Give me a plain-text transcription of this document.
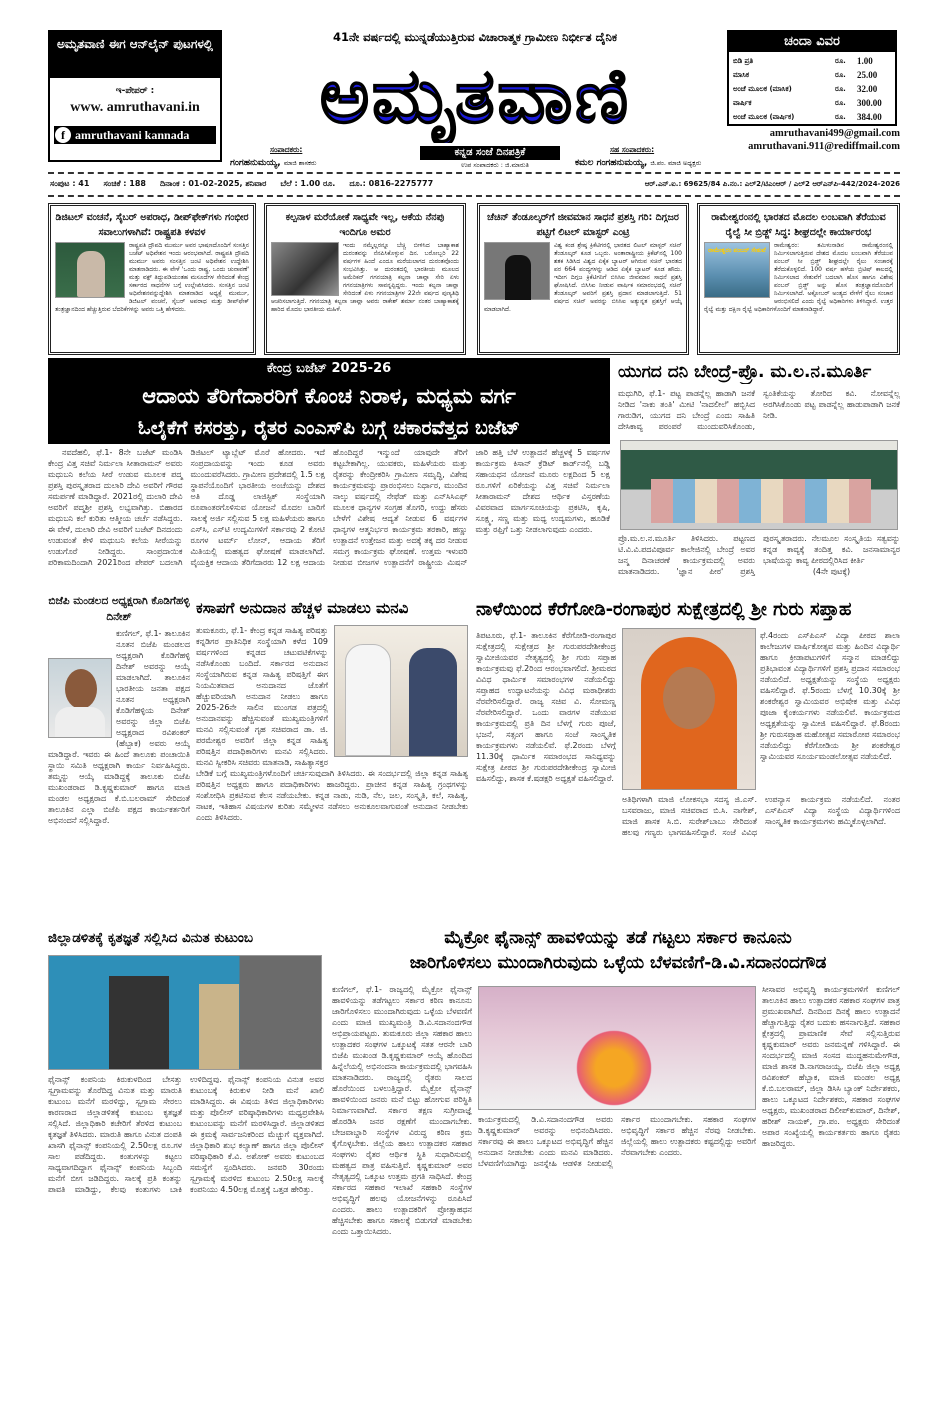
ಅಮೃತವಾಣಿ ಈಗ ಆನ್‌ಲೈನ್ ಪುಟಗಳಲ್ಲಿ
ಇ-ಪೇಪರ್ :
www. amruthavani.in
f amruthavani kannada
41ನೇ ವರ್ಷದಲ್ಲಿ ಮುನ್ನಡೆಯುತ್ತಿರುವ ವಿಚಾರಾತ್ಮಕ ಗ್ರಾಮೀಣ ನಿರ್ಭೀತ ದೈನಿಕ
ಅಮೃತವಾಣಿ
ಕನ್ನಡ ಸಂಜೆ ದಿನಪತ್ರಿಕೆ
ಉಪ ಸಂಪಾದಕರು : ಜಿ.ಮಾರುತಿ
ಸಂಪಾದಕರು:
ಗಂಗಹನುಮಯ್ಯ, ಮಾಜಿ ಶಾಸಕರು
ಸಹ ಸಂಪಾದಕರು:
ಕಮಲ ಗಂಗಹನುಮಯ್ಯ, ಜಿ.ಪಂ. ಮಾಜಿ ಅಧ್ಯಕ್ಷರು
ಚಂದಾ ವಿವರ
ಬಿಡಿ ಪ್ರತಿ	ರೂ.	1.00
ಮಾಸಿಕ	ರೂ.	25.00
ಅಂಚೆ ಮೂಲಕ (ಮಾಸಿಕ)	ರೂ.	32.00
ವಾರ್ಷಿಕ	ರೂ.	300.00
ಅಂಚೆ ಮೂಲಕ (ವಾರ್ಷಿಕ)	ರೂ.	384.00
amruthavani499@gmail.com
amruthavani.911@rediffmail.com
ಸಂಪುಟ : 41 ಸಂಚಿಕೆ : 188 ದಿನಾಂಕ : 01-02-2025, ಶನಿವಾರ ಬೆಲೆ : 1.00 ರೂ. ದೂ.: 0816-2275777	ಆರ್.ಎನ್.ಐ.: 69625/84 ಪಿ.ನಂ.: ಎಲ್2/ಟಿಎಂಆರ್ / ಎಲ್2 ಆರ್‌ಎನ್‌ಪಿ-442/2024-2026
ಡಿಜಿಟಲ್ ವಂಚನೆ, ಸೈಬರ್ ಅಪರಾಧ, ಡೀಪ್‌ಫೇಕ್‌ಗಳು ಗಂಭೀರ ಸವಾಲುಗಳಾಗಿವೆ: ರಾಷ್ಟ್ರಪತಿ ಕಳವಳ
ರಾಷ್ಟ್ರಪತಿ ದ್ರೌಪದಿ ಮುರ್ಮು ಅವರ ಭಾಷಣದೊಂದಿಗೆ ಸಂಸತ್ತಿನ ಬಜೆಟ್ ಅಧಿವೇಶನ ಇಂದು ಆರಂಭವಾಗಿದೆ. ರಾಷ್ಟ್ರಪತಿ ದ್ರೌಪದಿ ಮುರ್ಮು ಅವರು ಸಂಸತ್ತಿನ ಜಂಟಿ ಅಧಿವೇಶನ ಉದ್ದೇಶಿಸಿ ಮಾತನಾಡಿದರು. ಈ ವೇಳೆ 'ಒಂದು ರಾಷ್ಟ್ರ, ಒಂದು ಚುನಾವಣೆ' ಮತ್ತು ವಕ್ಫ್ ತಿದ್ದುಪಡಿಯಂತಹ ಮಸೂದೆಗಳ ಸೇರಿದಂತೆ ಕೇಂದ್ರ ಸರ್ಕಾರದ ಸಾಧನೆಗಳ ಬಗ್ಗೆ ಉಲ್ಲೇಖಿಸಿದರು. ಸಂಸತ್ತಿನ ಜಂಟಿ ಅಧಿವೇಶನವನ್ನುದ್ದೇಶಿಸಿ ಮಾತನಾಡಿದ ಅಧ್ಯಕ್ಷೆ ಮುರ್ಮು, ಡಿಜಿಟಲ್ ವಂಚನೆ, ಸೈಬರ್ ಅಪರಾಧ ಮತ್ತು ಡೀಪ್‌ಫೇಕ್ ತಂತ್ರಜ್ಞಾನದಿಂದ ಹೆಚ್ಚುತ್ತಿರುವ ಬೆದರಿಕೆಗಳನ್ನು ಅವರು ಒತ್ತಿ ಹೇಳಿದರು.
ಕಲ್ಪನಾಳ ಮರೆಯೋಕೆ ಸಾಧ್ಯವೇ ಇಲ್ಲ, ಆಕೆಯ ನೆನಪು ಇಂದಿಗೂ ಅಮರ
ಇಂದು ನಮ್ಮೆಲ್ಲರನ್ನೂ ಬೆಚ್ಚಿ ಬೀಳಿಸಿದ ಬಾಹ್ಯಾಕಾಶ ದುರಂತವನ್ನು ನೆನಪಿಸಿಕೊಳ್ಳುವ ದಿನ. ಬರೋಬ್ಬರಿ 22 ವರ್ಷಗಳ ಹಿಂದೆ ಎಂದೂ ಮರೆಯಲಾಗದ ದುರಂತವೊಂದು ಸಂಭವಿಸಿತ್ತು. ಆ ದುರಂತದಲ್ಲಿ ಭಾರತೀಯ ಮೂಲದ ಅಮೆರಿಕನ್ ಗಗನಯಾತ್ರಿ ಕಲ್ಪನಾ ಚಾವ್ಲಾ ಸೇರಿ ಏಳು ಗಗನಯಾತ್ರಿಗಳು ಸಾವನ್ನಪ್ಪಿದ್ದರು. ಇಂದು ಕಲ್ಪನಾ ಚಾವ್ಲಾ ಸೇರಿದಂತೆ ಏಳು ಗಗನಯಾತ್ರಿಗಳ 22ನೇ ವರ್ಷದ ಪುಣ್ಯತಿಥಿ ಆಚರಿಸಲಾಗುತ್ತಿದೆ. ಗಗನಯಾತ್ರಿ ಕಲ್ಪನಾ ಚಾವ್ಲಾ ಅವರು ರಾಕೇಶ್ ಶರ್ಮಾ ನಂತರ ಬಾಹ್ಯಾಕಾಶಕ್ಕೆ ಹಾರಿದ ಮೊದಲ ಭಾರತೀಯ ಮಹಿಳೆ.
ಚೆಚಿನ್ ತೆಂಡೂಲ್ಕರ್‌ಗೆ ಜೀವಮಾನ ಸಾಧನೆ ಪ್ರಶಸ್ತಿ ಗರಿ: ದಿಗ್ಗಜರ ಪಟ್ಟಿಗೆ ಲಿಟಲ್ ಮಾಸ್ಟರ್ ಎಂಟ್ರಿ
ವಿಶ್ವ ಕಂಡ ಶ್ರೇಷ್ಠ ಕ್ರಿಕೆಟಿಗರಲ್ಲಿ ಭಾರತದ ಲಿಟಲ್ ಮಾಸ್ಟರ್ ಸಚಿನ್ ತೆಂಡೂಲ್ಕರ್ ಕೂಡ ಒಬ್ಬರು. ಅಂತಾರಾಷ್ಟ್ರೀಯ ಕ್ರಿಕೆಟ್‌ನಲ್ಲಿ 100 ಶತಕ ಸಿಡಿಸಿದ ವಿಶ್ವದ ಏಕೈಕ ಬ್ಯಾಟರ್ ಆಗಿರುವ ಸಚಿನ್ ಭಾರತದ ಪರ 664 ಪಂದ್ಯಗಳನ್ನು ಆಡಿದ ಏಕೈಕ ಬ್ಯಾಟರ್ ಕೂಡ ಹೌದು. ಇದೀಗ ದಿಗ್ಗಜ ಕ್ರಿಕೆಟಿಗನಿಗೆ ಬಿಸಿಸಿಐ ಜೀವಮಾನ ಸಾಧನೆ ಪ್ರಶಸ್ತಿ ಘೋಷಿಸಿದೆ. ಬಿಸಿಸಿಐ ನೀಡುವ ವಾರ್ಷಿಕ ಸಮಾರಂಭದಲ್ಲಿ ಸಚಿನ್ ತೆಂಡೂಲ್ಕರ್ ಅವರಿಗೆ ಪ್ರಶಸ್ತಿ ಪ್ರದಾನ ಮಾಡಲಾಗುತ್ತಿದೆ. 51 ವರ್ಷದ ಸಚಿನ್ ಅವರನ್ನು ಬಿಸಿಸಿಐ ಅತ್ಯುನ್ನತ ಪ್ರಶಸ್ತಿಗೆ ಆಯ್ಕೆ ಮಾಡಲಾಗಿದೆ.
ರಾಮೇಶ್ವರಂನಲ್ಲಿ ಭಾರತದ ಮೊದಲ ಲಂಬವಾಗಿ ತೆರೆಯುವ ರೈಲ್ವೆ ಸೀ ಬ್ರಿಡ್ಜ್ ಸಿದ್ಧ: ಶೀಘ್ರದಲ್ಲೇ ಕಾರ್ಯಾರಂಭ
ರಾಮೇಶ್ವರಂ ಪಂಬನ್ ಸೇತುವೆ
ರಾಮೇಶ್ವರಂ: ತಮಿಳುನಾಡಿನ ರಾಮೇಶ್ವರಂನಲ್ಲಿ ನಿರ್ಮಿಸಲಾಗುತ್ತಿರುವ ದೇಶದ ಮೊದಲ ಲಂಬವಾಗಿ ತೆರೆಯುವ ಪಂಬನ್ ಸೀ ಬ್ರಿಡ್ಜ್ ಶೀಘ್ರದಲ್ಲೇ ರೈಲು ಸಂಚಾರಕ್ಕೆ ತೆರೆದುಕೊಳ್ಳಲಿದೆ. 100 ವರ್ಷ ಹಳೆಯ ಬ್ರಿಟಿಷ್ ಕಾಲದಲ್ಲಿ ನಿರ್ಮಿಸಲಾದ ಸೇತುವೆಗೆ ಬದಲಾಗಿ ಹೊಸ ಹಾಗೂ ವಿಶೇಷ ಪಂಬನ್ ಬ್ರಿಡ್ಜ್ ಅನ್ನು ಹೊಸ ತಂತ್ರಜ್ಞಾನದೊಂದಿಗೆ ನಿರ್ಮಿಸಲಾಗಿದೆ. ಅಕ್ಟೋಬರ್ ಅಂತ್ಯದ ವೇಳೆಗೆ ರೈಲು ಸಂಚಾರ ಆರಂಭಿಸಲಿದೆ ಎಂದು ರೈಲ್ವೆ ಅಧಿಕಾರಿಗಳು ತಿಳಿಸಿದ್ದಾರೆ. ಉತ್ತರ ರೈಲ್ವೆ ಮತ್ತು ದಕ್ಷಿಣ ರೈಲ್ವೆ ಅಧಿಕಾರಿಗಳೊಂದಿಗೆ ಮಾತನಾಡಿದ್ದಾರೆ.
ಕೇಂದ್ರ ಬಜೆಟ್ 2025-26
ಆದಾಯ ತೆರಿಗೆದಾರರಿಗೆ ಕೊಂಚ ನಿರಾಳ, ಮಧ್ಯಮ ವರ್ಗ
ಓಲೈಕೆಗೆ ಕಸರತ್ತು, ರೈತರ ಎಂಎಸ್‌ಪಿ ಬಗ್ಗೆ ಚಕಾರವೆತ್ತದ ಬಜೆಟ್
ನವದೆಹಲಿ, ಫೆ.1- 8ನೇ ಬಜೆಟ್ ಮಂಡಿಸಿ ಕೇಂದ್ರ ವಿತ್ತ ಸಚಿವೆ ನಿರ್ಮಲಾ ಸೀತಾರಾಮನ್ ಅವರು ಮಧುಬನಿ ಕಲೆಯ ಸೀರೆ ಉಡುವ ಮೂಲಕ ಪದ್ಮ ಪ್ರಶಸ್ತಿ ಪುರಸ್ಕೃತರಾದ ದುಲಾರಿ ದೇವಿ ಅವರಿಗೆ ಗೌರವ ಸಮರ್ಪಣೆ ಮಾಡಿದ್ದಾರೆ. 2021ರಲ್ಲಿ ದುಲಾರಿ ದೇವಿ ಅವರಿಗೆ ಪದ್ಮಶ್ರೀ ಪ್ರಶಸ್ತಿ ಲಭ್ಯವಾಗಿತ್ತು. ಬಿಹಾರದ ಮಧುಬನಿ ಕಲೆ ಕುರಿತು ಆತ್ಮೀಯ ಚರ್ಚೆ ನಡೆಸಿದ್ದರು. ಈ ವೇಳೆ, ದುಲಾರಿ ದೇವಿ ಅವರಿಗೆ ಬಜೆಟ್ ದಿನದಂದು ಉಡುವಂತೆ ಕೇಳಿ ಮಧುಬನಿ ಕಲೆಯ ಸೀರೆಯನ್ನು ಉಡುಗೊರೆ ನೀಡಿದ್ದರು. ಸಾಂಪ್ರದಾಯಿಕ ಪರಿಕಾಮದಿಂದಾಗಿ 2021ರಿಂದ ಪೇಪರ್ ಬದಲಾಗಿ ಡಿಜಿಟಲ್ ಟ್ಯಾಬ್ಲೆಟ್ ಮೊರೆ ಹೋದರು. ಇದೆ ಸಂಪ್ರದಾಯವನ್ನು ಇಂದು ಕೂಡ ಅವರು ಮುಂದುವರೆಸಿದರು. ಗ್ರಾಮೀಣ ಪ್ರದೇಶದಲ್ಲಿ 1.5 ಲಕ್ಷ ಸ್ಥಾಪನೆಯೊಂದಿಗೆ ಭಾರತೀಯ ಅಂಚೆಯನ್ನು ದೇಶದ ಅತಿ ದೊಡ್ಡ ಲಾಜಿಸ್ಟಿಕ್ ಸಂಸ್ಥೆಯಾಗಿ ರೂಪಾಂತರಗೊಳಿಸುವ ಯೋಜನೆ ಮೊದಲ ಬಾರಿಗೆ ಸಾಲಕ್ಕೆ ಅರ್ಜಿ ಸಲ್ಲಿಸುವ 5 ಲಕ್ಷ ಮಹಿಳೆಯರು ಹಾಗೂ ಎಸ್‌ಸಿ, ಎಸ್‌ಟಿ ಉದ್ಯಮಿಗಳಿಗೆ ಸರ್ಕಾರವು 2 ಕೋಟಿ ರೂಗಳ ಟರ್ಮ್ ಲೋನ್, ಆದಾಯ ತೆರಿಗೆ ಮಿತಿಯಲ್ಲಿ ಮಹತ್ವದ ಘೋಷಣೆ ಮಾಡಲಾಗಿದೆ. ವೈಯಕ್ತಿಕ ಆದಾಯ ತೆರಿಗೆದಾರರು 12 ಲಕ್ಷ ಆದಾಯ ಹೊಂದಿದ್ದರೆ ಇನ್ಮುಂದೆ ಯಾವುದೇ ತೆರಿಗೆ ಕಟ್ಟಬೇಕಾಗಿಲ್ಲ. ಯುವಕರು, ಮಹಿಳೆಯರು ಮತ್ತು ರೈತರನ್ನು ಕೇಂದ್ರೀಕರಿಸಿ ಗ್ರಾಮೀಣ ಸಮೃದ್ಧಿ, ವಿಶೇಷ ಕಾರ್ಯಕ್ರಮವನ್ನು ಪ್ರಾರಂಭಿಸಲು ನಿರ್ಧಾರ, ಮುಂದಿನ ನಾಲ್ಕು ವರ್ಷದಲ್ಲಿ ನೇಫೆಡ್ ಮತ್ತು ಎನ್‌ಸಿಸಿಎಫ್ ಮೂಲಕ ಧಾನ್ಯಗಳ ಸಂಗ್ರಹ ತೊಗರಿ, ಉದ್ದು ಹೆಸರು ಬೇಳೆಗೆ ವಿಶೇಷ ಆದ್ಯತೆ ನೀಡುವ 6 ವರ್ಷಗಳ ಧಾನ್ಯಗಳ ಆತ್ಮನಿರ್ಭರ ಕಾರ್ಯಕ್ರಮ ತರಕಾರಿ, ಹಣ್ಣು ಉತ್ಪಾದನೆ ಉತ್ತೇಜನ ಮತ್ತು ಅದಕ್ಕೆ ತಕ್ಕ ದರ ನೀಡುವ ಸಮಗ್ರ ಕಾರ್ಯಕ್ರಮ ಘೋಷಣೆ. ಉತ್ತಮ ಇಳುವರಿ ನೀಡುವ ಬೀಜಗಳ ಉತ್ಪಾದನೆಗೆ ರಾಷ್ಟ್ರೀಯ ಮಿಷನ್ ಜಾರಿ ಹತ್ತಿ ಬೆಳೆ ಉತ್ಪಾದನೆ ಹೆಚ್ಚಳಕ್ಕೆ 5 ವರ್ಷಗಳ ಕಾರ್ಯಕ್ರಮ ಕಿಸಾನ್ ಕ್ರೆಡಿಟ್ ಕಾರ್ಡ್‌ನಲ್ಲಿ ಬಡ್ಡಿ ಸಹಾಯಧನ ಯೋಜನೆ ಮೂರು ಲಕ್ಷದಿಂದ 5 ಲಕ್ಷ ರೂ.ಗಳಿಗೆ ಏರಿಕೆಯನ್ನು ವಿತ್ತ ಸಚಿವೆ ನಿರ್ಮಲಾ ಸೀತಾರಾಮನ್ ದೇಶದ ಆರ್ಥಿಕ ವಿಸ್ತರಣೆಯ ವಿವರವಾದ ಮಾರ್ಗಸೂಚಿಯನ್ನು ಪ್ರಕಟಿಸಿ, ಕೃಷಿ, ಸೂಕ್ಷ್ಮ, ಸಣ್ಣ ಮತ್ತು ಮಧ್ಯ ಉದ್ಯಮಗಳು, ಹೂಡಿಕೆ ಮತ್ತು ರಫ್ತಿಗೆ ಒತ್ತು ನೀಡಲಾಗುವುದು ಎಂದರು.
ಯುಗದ ದನಿ ಬೇಂದ್ರೆ-ಪ್ರೊ. ಮ.ಲ.ನ.ಮೂರ್ತಿ
ಮಧುಗಿರಿ, ಫೆ.1- ಪಟ್ಟ ಪಾಡನ್ನೆಲ್ಲ ಹಾಡಾಗಿ ಜನಕೆ ನೀಡಿದ 'ನಾಕು ತಂತಿ' ಮೀಟಿ 'ನಾದಲೀಲೆ' ಹಬ್ಬಿಸಿದ ಗಾರುಡಿಗ, ಯುಗದ ದನಿ ಬೇಂದ್ರೆ ಎಂದು ಸಾಹಿತಿ ದೇಸಿಕಾವ್ಯ ಪರಂಪರೆ ಮುಂದುವರಿಸಿಕೊಂಡು, ಸ್ವಂತಿಕೆಯನ್ನು ತೋರಿದ ಕವಿ. ನೋವನ್ನೆಲ್ಲ ಅರಗಿಸಿಕೊಂಡು ಪಟ್ಟ ಪಾಡನ್ನೆಲ್ಲ ಹಾಡುಪಾಡಾಗಿ ಜನಕೆ ನೀಡಿ.
ಪ್ರೊ.ಮ.ಲ.ನ.ಮೂರ್ತಿ ತಿಳಿಸಿದರು. ಪಟ್ಟಣದ ಟಿ.ವಿ.ವಿ.ಪದವಿಪೂರ್ವ ಕಾಲೇಜಿನಲ್ಲಿ ಬೇಂದ್ರೆ ಅವರ ಜನ್ಮ ದಿನಾಚರಣೆ ಕಾರ್ಯಕ್ರಮದಲ್ಲಿ ಅವರು ಮಾತನಾಡಿದರು. 'ಜ್ಞಾನ ಪೀಠ' ಪ್ರಶಸ್ತಿ ಪುರಸ್ಕೃತರಾದರು. ನೆಲಮೂಲ ಸಂಸ್ಕೃತಿಯ ಸತ್ವವನ್ನು ಕನ್ನಡ ಕಾವ್ಯಕ್ಕೆ ತಂದಿತ್ತ ಕವಿ. ಜನಸಾಮಾನ್ಯರ ಭಾಷೆಯನ್ನು ಕಾವ್ಯ ಪೀಠದಲ್ಲಿರಿಸಿದ ಕೀರ್ತಿ
(4ನೇ ಪುಟಕ್ಕೆ)
ಬಿಜೆಪಿ ಮಂಡಲದ ಅಧ್ಯಕ್ಷರಾಗಿ ಕೊಡಿಗೆಹಳ್ಳಿ ದಿನೇಶ್
ಕುಣಿಗಲ್, ಫೆ.1- ತಾಲೂಕಿನ ನೂತನ ಬಿಜೆಪಿ ಮಂಡಲದ ಅಧ್ಯಕ್ಷರಾಗಿ ಕೊಡಿಗೆಹಳ್ಳಿ ದಿನೇಶ್ ಅವರನ್ನು ಆಯ್ಕೆ ಮಾಡಲಾಗಿದೆ. ತಾಲೂಕಿನ ಭಾರತೀಯ ಜನತಾ ಪಕ್ಷದ ನೂತನ ಅಧ್ಯಕ್ಷರಾಗಿ ಕೊಡಿಗೆಹಳ್ಳಿಯ ದಿನೇಶ್ ಅವರನ್ನು ಜಿಲ್ಲಾ ಬಿಜೆಪಿ ಅಧ್ಯಕ್ಷರಾದ ರವಿಶಂಕರ್ (ಹೆಬ್ಬಾಕ) ಅವರು ಆಯ್ಕೆ ಮಾಡಿದ್ದಾರೆ. ಇವರು ಈ ಹಿಂದೆ ತಾಲೂಕು ಪಂಚಾಯಿತಿ ಸ್ಥಾಯಿ ಸಮಿತಿ ಅಧ್ಯಕ್ಷರಾಗಿ ಕಾರ್ಯ ನಿರ್ವಹಿಸಿದ್ದರು. ತಮ್ಮನ್ನು ಆಯ್ಕೆ ಮಾಡಿದ್ದಕ್ಕೆ ತಾಲೂಕು ಬಿಜೆಪಿ ಮುಖಂಡರಾದ ಡಿ.ಕೃಷ್ಣಕುಮಾರ್ ಹಾಗೂ ಮಾಜಿ ಮಂಡಲ ಅಧ್ಯಕ್ಷರಾದ ಕೆ.ಬಿ.ಬಲರಾಮ್ ಸೇರಿದಂತೆ ತಾಲೂಕಿನ ಎಲ್ಲಾ ಬಿಜೆಪಿ ಪಕ್ಷದ ಕಾರ್ಯಕರ್ತರಿಗೆ ಅಭಿನಂದನೆ ಸಲ್ಲಿಸಿದ್ದಾರೆ.
ಕಸಾಪಗೆ ಅನುದಾನ ಹೆಚ್ಚಳ ಮಾಡಲು ಮನವಿ
ತುಮಕೂರು, ಫೆ.1- ಕೇಂದ್ರ ಕನ್ನಡ ಸಾಹಿತ್ಯ ಪರಿಷತ್ತು ಕನ್ನಡಿಗರ ಪ್ರಾತಿನಿಧಿಕ ಸಂಸ್ಥೆಯಾಗಿ ಕಳೆದ 109 ವರ್ಷಗಳಿಂದ ಕನ್ನಡದ ಚಟುವಟಿಕೆಗಳನ್ನು ನಡೆಸಿಕೊಂಡು ಬಂದಿದೆ. ಸರ್ಕಾರದ ಅನುದಾನ ಸಂಸ್ಥೆಯಾಗಿರುವ ಕನ್ನಡ ಸಾಹಿತ್ಯ ಪರಿಷತ್ತಿಗೆ ಈಗ ನಿಯಮಿತವಾದ ಅನುದಾನದ ಜೊತೆಗೆ ಹೆಚ್ಚುವರಿಯಾಗಿ ಅನುದಾನ ನೀಡಲು ಹಾಗೂ 2025-26ನೇ ಸಾಲಿನ ಮುಂಗಡ ಪತ್ರದಲ್ಲಿ ಅನುದಾನವನ್ನು ಹೆಚ್ಚಿಸುವಂತೆ ಮುಖ್ಯಮಂತ್ರಿಗಳಿಗೆ ಮನವಿ ಸಲ್ಲಿಸುವಂತೆ ಗೃಹ ಸಚಿವರಾದ ಡಾ. ಜಿ. ಪರಮೇಶ್ವರ ಅವರಿಗೆ ಜಿಲ್ಲಾ ಕನ್ನಡ ಸಾಹಿತ್ಯ ಪರಿಷತ್ತಿನ ಪದಾಧಿಕಾರಿಗಳು ಮನವಿ ಸಲ್ಲಿಸಿದರು. ಮನವಿ ಸ್ವೀಕರಿಸಿ ಸಚಿವರು ಮಾತನಾಡಿ, ಸಾಹಿತ್ಯಾಸಕ್ತರ ಬೇಡಿಕೆ ಬಗ್ಗೆ ಮುಖ್ಯಮಂತ್ರಿಗಳೊಂದಿಗೆ ಚರ್ಚಿಸುವುದಾಗಿ ತಿಳಿಸಿದರು. ಈ ಸಂದರ್ಭದಲ್ಲಿ ಜಿಲ್ಲಾ ಕನ್ನಡ ಸಾಹಿತ್ಯ ಪರಿಷತ್ತಿನ ಅಧ್ಯಕ್ಷರು ಹಾಗೂ ಪದಾಧಿಕಾರಿಗಳು ಹಾಜರಿದ್ದರು. ಪ್ರಾಚೀನ ಕನ್ನಡ ಸಾಹಿತ್ಯ ಗ್ರಂಥಗಳನ್ನು ಸಂಶೋಧಿಸಿ ಪ್ರಕಟಿಸುವ ಕೆಲಸ ನಡೆಯಬೇಕು. ಕನ್ನಡ ನಾಡು, ನುಡಿ, ನೆಲ, ಜಲ, ಸಂಸ್ಕೃತಿ, ಕಲೆ, ಸಾಹಿತ್ಯ, ನಾಟಕ, ಇತಿಹಾಸ ವಿಷಯಗಳ ಕುರಿತು ಸಮ್ಮೇಳನ ನಡೆಸಲು ಅನುಕೂಲವಾಗುವಂತೆ ಅನುದಾನ ನೀಡಬೇಕು ಎಂದು ತಿಳಿಸಿದರು.
ನಾಳೆಯಿಂದ ಕೆರೆಗೋಡಿ-ರಂಗಾಪುರ ಸುಕ್ಷೇತ್ರದಲ್ಲಿ ಶ್ರೀ ಗುರು ಸಪ್ತಾಹ
ತಿಪಟೂರು, ಫೆ.1- ತಾಲೂಕಿನ ಕೆರೆಗೋಡಿ-ರಂಗಾಪುರ ಸುಕ್ಷೇತ್ರದಲ್ಲಿ ಸುಕ್ಷೇತ್ರದ ಶ್ರೀ ಗುರುಪರದೇಶೀಕೇಂದ್ರ ಸ್ವಾಮೀಜಿಯವರ ನೇತೃತ್ವದಲ್ಲಿ ಶ್ರೀ ಗುರು ಸಪ್ತಾಹ ಕಾರ್ಯಕ್ರಮವು ಫೆ.2ರಿಂದ ಆರಂಭವಾಗಲಿದೆ. ಶ್ರೀಮಠದ ವಿವಿಧ ಧಾರ್ಮಿಕ ಸಮಾರಂಭಗಳ ನಡೆಯಲಿದ್ದು ಸಪ್ತಾಹದ ಉದ್ಘಾಟನೆಯನ್ನು ವಿವಿಧ ಮಠಾಧೀಶರು ನೆರವೇರಿಸಲಿದ್ದಾರೆ. ರಾಜ್ಯ ಸಚಿವ ವಿ. ಸೋಮಣ್ಣ ನೆರವೇರಿಸಲಿದ್ದಾರೆ. ಒಂದು ವಾರಗಳ ನಡೆಯುವ ಕಾರ್ಯಕ್ರಮದಲ್ಲಿ ಪ್ರತಿ ದಿನ ಬೆಳಗ್ಗೆ ಗುರು ಪೂಜೆ, ಭಜನೆ, ಸತ್ಸಂಗ ಹಾಗೂ ಸಂಜೆ ಸಾಂಸ್ಕೃತಿಕ ಕಾರ್ಯಕ್ರಮಗಳು ನಡೆಯಲಿವೆ. ಫೆ.2ರಂದು ಬೆಳಗ್ಗೆ 11.30ಕ್ಕೆ ಧಾರ್ಮಿಕ ಸಮಾರಂಭದ ಸಾನಿಧ್ಯವನ್ನು ಸುಕ್ಷೇತ್ರ ಪೀಠದ ಶ್ರೀ ಗುರುಪರದೇಶೀಕೇಂದ್ರ ಸ್ವಾಮೀಜಿ ವಹಿಸಲಿದ್ದು, ಶಾಸಕ ಕೆ.ಷಡಕ್ಷರಿ ಅಧ್ಯಕ್ಷತೆ ವಹಿಸಲಿದ್ದಾರೆ.
ಅತಿಥಿಗಳಾಗಿ ಮಾಜಿ ಲೋಕಸಭಾ ಸದಸ್ಯ ಜಿ.ಎಸ್. ಬಸವರಾಜು, ಮಾಜಿ ಸಚಿವರಾದ ಬಿ.ಸಿ. ನಾಗೇಶ್, ಮಾಜಿ ಶಾಸಕ ಸಿ.ಬಿ. ಸುರೇಶ್‌ಬಾಬು ಸೇರಿದಂತೆ ಹಲವು ಗಣ್ಯರು ಭಾಗವಹಿಸಲಿದ್ದಾರೆ. ಸಂಜೆ ವಿವಿಧ ಉಪನ್ಯಾಸ ಕಾರ್ಯಕ್ರಮ ನಡೆಯಲಿದೆ. ನಂತರ ಎಸ್‌ಪಿಎಸ್ ವಿದ್ಯಾ ಸಂಸ್ಥೆಯ ವಿದ್ಯಾರ್ಥಿಗಳಿಂದ ಸಾಂಸ್ಕೃತಿಕ ಕಾರ್ಯಕ್ರಮಗಳು ಹಮ್ಮಿಕೊಳ್ಳಲಾಗಿದೆ.
ಫೆ.4ರಂದು ಎಸ್‌ಪಿಎಸ್ ವಿದ್ಯಾ ಪೀಠದ ಶಾಲಾ ಕಾಲೇಜುಗಳ ವಾರ್ಷಿಕೋತ್ಸವ ಮತ್ತು ಹಿಂದಿನ ವಿದ್ಯಾರ್ಥಿ ಹಾಗೂ ಕ್ರೀಡಾಪಟುಗಳಿಗೆ ಸನ್ಮಾನ ಮಾಡಲಿದ್ದು ಪ್ರತಿಭಾವಂತ ವಿದ್ಯಾರ್ಥಿಗಳಿಗೆ ಪ್ರಶಸ್ತಿ ಪ್ರದಾನ ಸಮಾರಂಭ ನಡೆಯಲಿದೆ. ಅಧ್ಯಕ್ಷತೆಯನ್ನು ಸಂಸ್ಥೆಯ ಅಧ್ಯಕ್ಷರು ವಹಿಸಲಿದ್ದಾರೆ. ಫೆ.5ರಂದು ಬೆಳಗ್ಗೆ 10.30ಕ್ಕೆ ಶ್ರೀ ಶಂಕರೇಶ್ವರ ಸ್ವಾಮಿಯವರ ಅಭಿಷೇಕ ಮತ್ತು ವಿವಿಧ ಪೂಜಾ ಕೈಂಕರ್ಯಗಳು ನಡೆಯಲಿವೆ. ಕಾರ್ಯಕ್ರಮದ ಅಧ್ಯಕ್ಷತೆಯನ್ನು ಸ್ವಾಮೀಜಿ ವಹಿಸಲಿದ್ದಾರೆ. ಫೆ.8ರಂದು ಶ್ರೀ ಗುರುಸಪ್ತಾಹ ಮಹೋತ್ಸವ ಸಮಾರೋಪ ಸಮಾರಂಭ ನಡೆಯಲಿದ್ದು ಕೆರೆಗೋಡಿಯ ಶ್ರೀ ಶಂಕರೇಶ್ವರ ಸ್ವಾಮಿಯವರ ಸೂರ್ಯಮಂಡಲೋತ್ಸವ ನಡೆಯಲಿದೆ.
ಜಿಲ್ಲಾಡಳಿತಕ್ಕೆ ಕೃತಜ್ಞತೆ ಸಲ್ಲಿಸಿದ ವಿನುತ ಕುಟುಂಬ
ಫೈನಾನ್ಸ್ ಕಂಪನಿಯ ಕಿರುಕುಳದಿಂದ ಬೇಸತ್ತು ಸ್ವಗ್ರಾಮವನ್ನು ತೊರೆದಿದ್ದ ವಿನುತ ಮತ್ತು ಮಾರುತಿ ಕುಟುಂಬ ಮನೆಗೆ ಮರಳಿದ್ದು, ಸ್ವಗ್ರಾಮ ಸೇರಲು ಕಾರಣರಾದ ಜಿಲ್ಲಾಡಳಿತಕ್ಕೆ ಕುಟುಂಬ ಕೃತಜ್ಞತೆ ಸಲ್ಲಿಸಿದೆ. ಜಿಲ್ಲಾಧಿಕಾರಿ ಕಚೇರಿಗೆ ತೆರಳಿದ ಕುಟುಂಬ ಕೃತಜ್ಞತೆ ತಿಳಿಸಿದರು. ಮಾರುತಿ ಹಾಗೂ ವಿನುತ ದಂಪತಿ ಖಾಸಗಿ ಫೈನಾನ್ಸ್ ಕಂಪನಿಯಲ್ಲಿ 2.50ಲಕ್ಷ ರೂ.ಗಳ ಸಾಲ ಪಡೆದಿದ್ದರು. ಕಂತುಗಳನ್ನು ಕಟ್ಟಲು ಸಾಧ್ಯವಾಗದಿದ್ದಾಗ ಫೈನಾನ್ಸ್ ಕಂಪನಿಯ ಸಿಬ್ಬಂದಿ ಮನೆಗೆ ಬೀಗ ಜಡಿದಿದ್ದರು. ಸಾಲಕ್ಕೆ ಪ್ರತಿ ಕಂತನ್ನು ಪಾವತಿ ಮಾಡಿದ್ದು, ಕೆಲವು ಕಂತುಗಳು ಬಾಕಿ ಉಳಿದಿದ್ದವು. ಫೈನಾನ್ಸ್ ಕಂಪನಿಯ ವಿನುತ ಅವರ ಕುಟುಂಬಕ್ಕೆ ಕಿರುಕುಳ ನೀಡಿ ಮನೆ ಖಾಲಿ ಮಾಡಿಸಿದ್ದರು. ಈ ವಿಷಯ ತಿಳಿದ ಜಿಲ್ಲಾಧಿಕಾರಿಗಳು ಮತ್ತು ಪೊಲೀಸ್ ವರಿಷ್ಠಾಧಿಕಾರಿಗಳು ಮಧ್ಯಪ್ರವೇಶಿಸಿ ಕುಟುಂಬವನ್ನು ಮನೆಗೆ ಮರಳಿಸಿದ್ದಾರೆ. ಜಿಲ್ಲಾಡಳಿತದ ಈ ಕ್ರಮಕ್ಕೆ ಸಾರ್ವಜನಿಕರಿಂದ ಮೆಚ್ಚುಗೆ ವ್ಯಕ್ತವಾಗಿದೆ. ಜಿಲ್ಲಾಧಿಕಾರಿ ಶುಭ ಕಲ್ಯಾಣ್ ಹಾಗೂ ಜಿಲ್ಲಾ ಪೊಲೀಸ್ ವರಿಷ್ಠಾಧಿಕಾರಿ ಕೆ.ವಿ. ಅಶೋಕ್ ಅವರು ಕುಟುಂಬದ ಸಮಸ್ಯೆಗೆ ಸ್ಪಂದಿಸಿದರು. ಜನವರಿ 30ರಂದು ಸ್ವಗ್ರಾಮಕ್ಕೆ ಮರಳಿದ ಕುಟುಂಬ 2.50ಲಕ್ಷ ಸಾಲಕ್ಕೆ ಕಂಪನಿಯು 4.50ಲಕ್ಷ ಮೊತ್ತಕ್ಕೆ ಒತ್ತಡ ಹೇರಿತ್ತು.
ಮೈಕ್ರೋ ಫೈನಾನ್ಸ್ ಹಾವಳಿಯನ್ನು ತಡೆ ಗಟ್ಟಲು ಸರ್ಕಾರ ಕಾನೂನು
ಜಾರಿಗೊಳಿಸಲು ಮುಂದಾಗಿರುವುದು ಒಳ್ಳೆಯ ಬೆಳವಣಿಗೆ-ಡಿ.ವಿ.ಸದಾನಂದಗೌಡ
ಕುಣಿಗಲ್, ಫೆ.1- ರಾಜ್ಯದಲ್ಲಿ ಮೈಕ್ರೋ ಫೈನಾನ್ಸ್ ಹಾವಳಿಯನ್ನು ತಡೆಗಟ್ಟಲು ಸರ್ಕಾರ ಕಠಿಣ ಕಾನೂನು ಜಾರಿಗೊಳಿಸಲು ಮುಂದಾಗಿರುವುದು ಒಳ್ಳೆಯ ಬೆಳವಣಿಗೆ ಎಂದು ಮಾಜಿ ಮುಖ್ಯಮಂತ್ರಿ ಡಿ.ವಿ.ಸದಾನಂದಗೌಡ ಅಭಿಪ್ರಾಯಪಟ್ಟರು. ತುಮಕೂರು ಜಿಲ್ಲಾ ಸಹಕಾರ ಹಾಲು ಉತ್ಪಾದಕರ ಸಂಘಗಳ ಒಕ್ಕೂಟಕ್ಕೆ ಸತತ ಆರನೇ ಬಾರಿ ಬಿಜೆಪಿ ಮುಖಂಡ ಡಿ.ಕೃಷ್ಣಕುಮಾರ್ ಆಯ್ಕೆ ಹೊಂದಿದ ಹಿನ್ನೆಲೆಯಲ್ಲಿ ಅಭಿನಂದನಾ ಕಾರ್ಯಕ್ರಮದಲ್ಲಿ ಭಾಗವಹಿಸಿ ಮಾತನಾಡಿದರು. ರಾಜ್ಯದಲ್ಲಿ ರೈತರು ಸಾಲದ ಹೊರೆಯಿಂದ ಬಳಲುತ್ತಿದ್ದಾರೆ. ಮೈಕ್ರೋ ಫೈನಾನ್ಸ್ ಹಾವಳಿಯಿಂದ ಜನರು ಮನೆ ಬಿಟ್ಟು ಹೋಗುವ ಪರಿಸ್ಥಿತಿ ನಿರ್ಮಾಣವಾಗಿದೆ. ಸರ್ಕಾರ ತಕ್ಷಣ ಸುಗ್ರೀವಾಜ್ಞೆ ಹೊರಡಿಸಿ ಜನರ ರಕ್ಷಣೆಗೆ ಮುಂದಾಗಬೇಕು. ಬೇಜವಾಬ್ದಾರಿ ಸಂಸ್ಥೆಗಳ ವಿರುದ್ಧ ಕಠಿಣ ಕ್ರಮ ಕೈಗೊಳ್ಳಬೇಕು. ಜಿಲ್ಲೆಯ ಹಾಲು ಉತ್ಪಾದಕರ ಸಹಕಾರ ಸಂಘಗಳು ರೈತರ ಆರ್ಥಿಕ ಸ್ಥಿತಿ ಸುಧಾರಿಸುವಲ್ಲಿ ಮಹತ್ವದ ಪಾತ್ರ ವಹಿಸುತ್ತಿವೆ. ಕೃಷ್ಣಕುಮಾರ್ ಅವರ ನೇತೃತ್ವದಲ್ಲಿ ಒಕ್ಕೂಟ ಉತ್ತಮ ಪ್ರಗತಿ ಸಾಧಿಸಿದೆ. ಕೇಂದ್ರ ಸರ್ಕಾರದ ಸಹಕಾರ ಇಲಾಖೆ ಸಹಕಾರಿ ಸಂಸ್ಥೆಗಳ ಅಭಿವೃದ್ಧಿಗೆ ಹಲವು ಯೋಜನೆಗಳನ್ನು ರೂಪಿಸಿದೆ ಎಂದರು. ಹಾಲು ಉತ್ಪಾದಕರಿಗೆ ಪ್ರೋತ್ಸಾಹಧನ ಹೆಚ್ಚಿಸಬೇಕು ಹಾಗೂ ಸಕಾಲಕ್ಕೆ ಬಿಡುಗಡೆ ಮಾಡಬೇಕು ಎಂದು ಒತ್ತಾಯಿಸಿದರು.
ಕಾರ್ಯಕ್ರಮದಲ್ಲಿ ಡಿ.ವಿ.ಸದಾನಂದಗೌಡ ಅವರು ಡಿ.ಕೃಷ್ಣಕುಮಾರ್ ಅವರನ್ನು ಅಭಿನಂದಿಸಿದರು. ಸರ್ಕಾರವು ಈ ಹಾಲು ಒಕ್ಕೂಟದ ಅಭಿವೃದ್ಧಿಗೆ ಹೆಚ್ಚಿನ ಅನುದಾನ ನೀಡಬೇಕು ಎಂದು ಮನವಿ ಮಾಡಿದರು. ಬೆಳವಣಿಗೆಯಾಗಿದ್ದು ಜನಸ್ನೇಹಿ ಆಡಳಿತ ನೀಡುವಲ್ಲಿ ಸರ್ಕಾರ ಮುಂದಾಗಬೇಕು. ಸಹಕಾರ ಸಂಘಗಳ ಅಭಿವೃದ್ಧಿಗೆ ಸರ್ಕಾರ ಹೆಚ್ಚಿನ ನೆರವು ನೀಡಬೇಕು. ಜಿಲ್ಲೆಯಲ್ಲಿ ಹಾಲು ಉತ್ಪಾದಕರು ಕಷ್ಟದಲ್ಲಿದ್ದು ಅವರಿಗೆ ನೆರವಾಗಬೇಕು ಎಂದರು.
ಸೀಸಾವರ ಅಭಿವೃದ್ಧಿ ಕಾರ್ಯಕ್ರಮಗಳಿಗೆ ಕುಣಿಗಲ್ ತಾಲೂಕಿನ ಹಾಲು ಉತ್ಪಾದಕರ ಸಹಕಾರ ಸಂಘಗಳ ಪಾತ್ರ ಪ್ರಮುಖವಾಗಿದೆ. ದಿನದಿಂದ ದಿನಕ್ಕೆ ಹಾಲು ಉತ್ಪಾದನೆ ಹೆಚ್ಚಾಗುತ್ತಿದ್ದು ರೈತರ ಬದುಕು ಹಸನಾಗುತ್ತಿದೆ. ಸಹಕಾರ ಕ್ಷೇತ್ರದಲ್ಲಿ ಪ್ರಾಮಾಣಿಕ ಸೇವೆ ಸಲ್ಲಿಸುತ್ತಿರುವ ಕೃಷ್ಣಕುಮಾರ್ ಅವರು ಜನಮನ್ನಣೆ ಗಳಿಸಿದ್ದಾರೆ. ಈ ಸಂದರ್ಭದಲ್ಲಿ ಮಾಜಿ ಸಂಸದ ಮುದ್ದಹನುಮೇಗೌಡ, ಮಾಜಿ ಶಾಸಕ ಡಿ.ನಾಗರಾಜಯ್ಯ, ಬಿಜೆಪಿ ಜಿಲ್ಲಾ ಅಧ್ಯಕ್ಷ ರವಿಶಂಕರ್ ಹೆಬ್ಬಾಕ, ಮಾಜಿ ಮಂಡಲ ಅಧ್ಯಕ್ಷ ಕೆ.ಬಿ.ಬಲರಾಮ್, ಜಿಲ್ಲಾ ಡಿಸಿಸಿ ಬ್ಯಾಂಕ್ ನಿರ್ದೇಶಕರು, ಹಾಲು ಒಕ್ಕೂಟದ ನಿರ್ದೇಶಕರು, ಸಹಕಾರ ಸಂಘಗಳ ಅಧ್ಯಕ್ಷರು, ಮುಖಂಡರಾದ ದಿಲೀಪ್‌ಕುಮಾರ್, ದಿನೇಶ್, ಹರೀಶ್ ನಾಯಕ್, ಗ್ರಾ.ಪಂ. ಅಧ್ಯಕ್ಷರು ಸೇರಿದಂತೆ ಅಪಾರ ಸಂಖ್ಯೆಯಲ್ಲಿ ಕಾರ್ಯಕರ್ತರು ಹಾಗೂ ರೈತರು ಹಾಜರಿದ್ದರು.
